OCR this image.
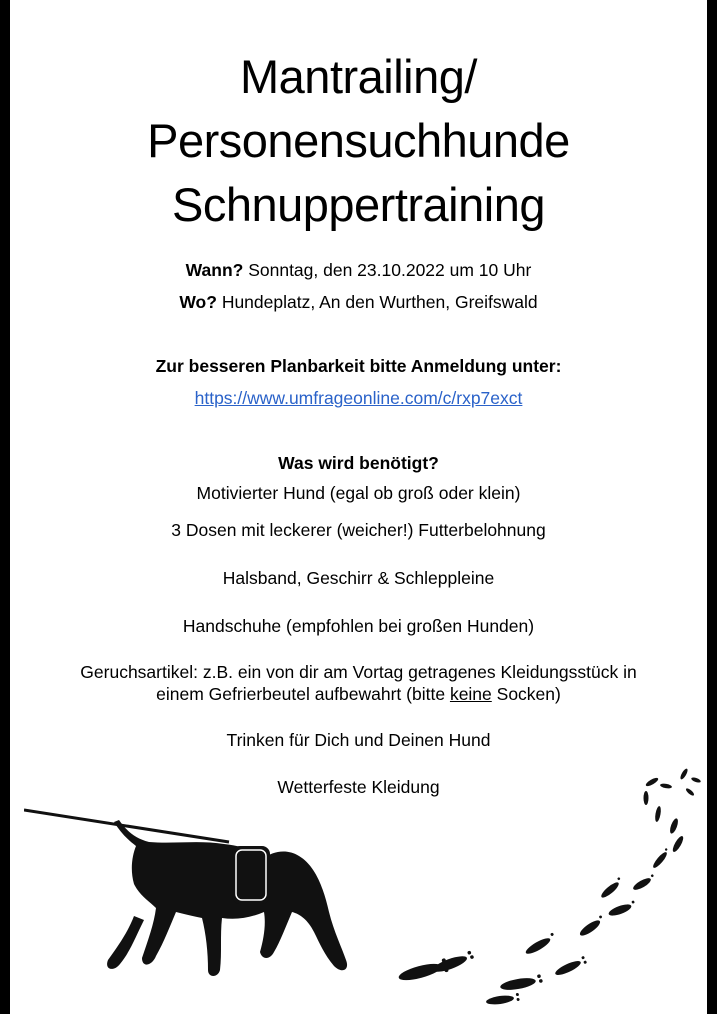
Mantrailing/
Personensuchhunde
Schnuppertraining
Wann? Sonntag, den 23.10.2022 um 10 Uhr
Wo? Hundeplatz, An den Wurthen, Greifswald
Zur besseren Planbarkeit bitte Anmeldung unter:
https://www.umfrageonline.com/c/rxp7exct
Was wird benötigt?
Motivierter Hund (egal ob groß oder klein)
3 Dosen mit leckerer (weicher!) Futterbelohnung
Halsband, Geschirr & Schleppleine
Handschuhe (empfohlen bei großen Hunden)
Geruchsartikel: z.B. ein von dir am Vortag getragenes Kleidungsstück in
einem Gefrierbeutel aufbewahrt (bitte keine Socken)
Trinken für Dich und Deinen Hund
Wetterfeste Kleidung
